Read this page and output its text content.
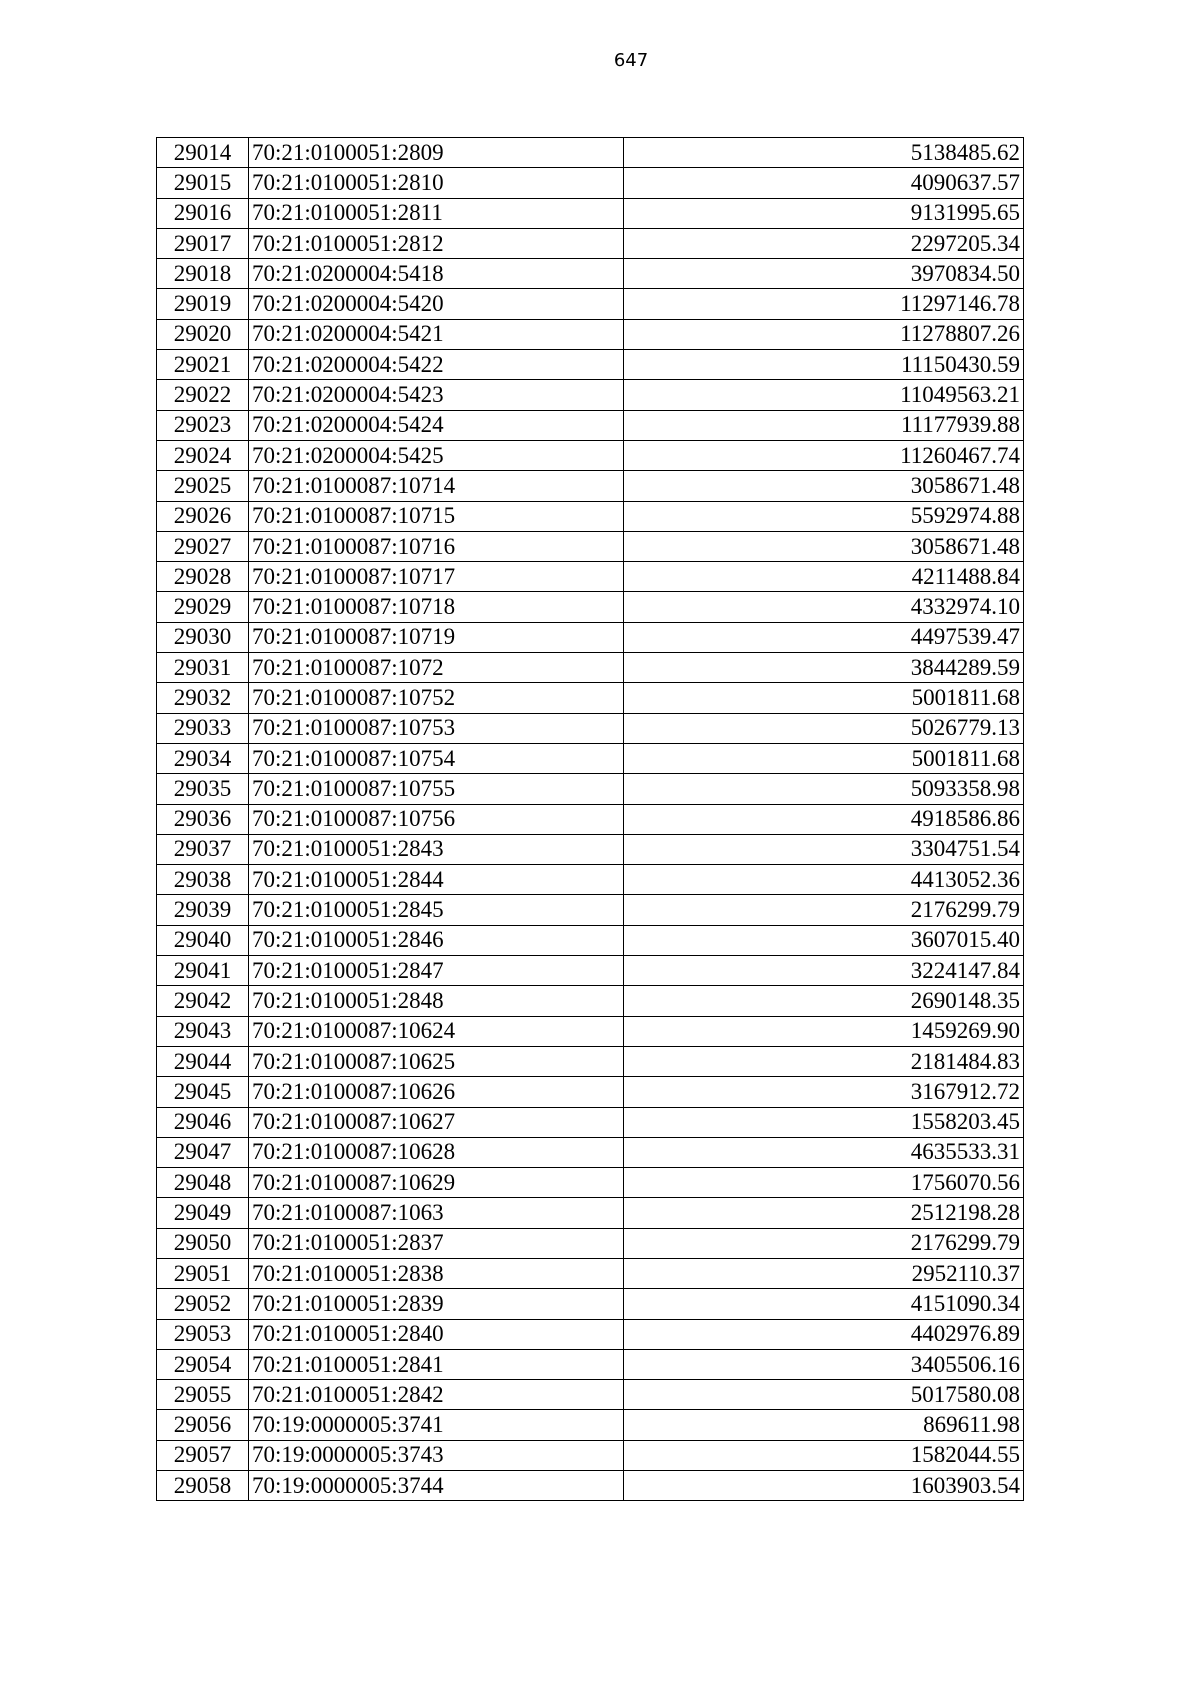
647
29014	70:21:0100051:2809	5138485.62
29015	70:21:0100051:2810	4090637.57
29016	70:21:0100051:2811	9131995.65
29017	70:21:0100051:2812	2297205.34
29018	70:21:0200004:5418	3970834.50
29019	70:21:0200004:5420	11297146.78
29020	70:21:0200004:5421	11278807.26
29021	70:21:0200004:5422	11150430.59
29022	70:21:0200004:5423	11049563.21
29023	70:21:0200004:5424	11177939.88
29024	70:21:0200004:5425	11260467.74
29025	70:21:0100087:10714	3058671.48
29026	70:21:0100087:10715	5592974.88
29027	70:21:0100087:10716	3058671.48
29028	70:21:0100087:10717	4211488.84
29029	70:21:0100087:10718	4332974.10
29030	70:21:0100087:10719	4497539.47
29031	70:21:0100087:1072	3844289.59
29032	70:21:0100087:10752	5001811.68
29033	70:21:0100087:10753	5026779.13
29034	70:21:0100087:10754	5001811.68
29035	70:21:0100087:10755	5093358.98
29036	70:21:0100087:10756	4918586.86
29037	70:21:0100051:2843	3304751.54
29038	70:21:0100051:2844	4413052.36
29039	70:21:0100051:2845	2176299.79
29040	70:21:0100051:2846	3607015.40
29041	70:21:0100051:2847	3224147.84
29042	70:21:0100051:2848	2690148.35
29043	70:21:0100087:10624	1459269.90
29044	70:21:0100087:10625	2181484.83
29045	70:21:0100087:10626	3167912.72
29046	70:21:0100087:10627	1558203.45
29047	70:21:0100087:10628	4635533.31
29048	70:21:0100087:10629	1756070.56
29049	70:21:0100087:1063	2512198.28
29050	70:21:0100051:2837	2176299.79
29051	70:21:0100051:2838	2952110.37
29052	70:21:0100051:2839	4151090.34
29053	70:21:0100051:2840	4402976.89
29054	70:21:0100051:2841	3405506.16
29055	70:21:0100051:2842	5017580.08
29056	70:19:0000005:3741	869611.98
29057	70:19:0000005:3743	1582044.55
29058	70:19:0000005:3744	1603903.54
